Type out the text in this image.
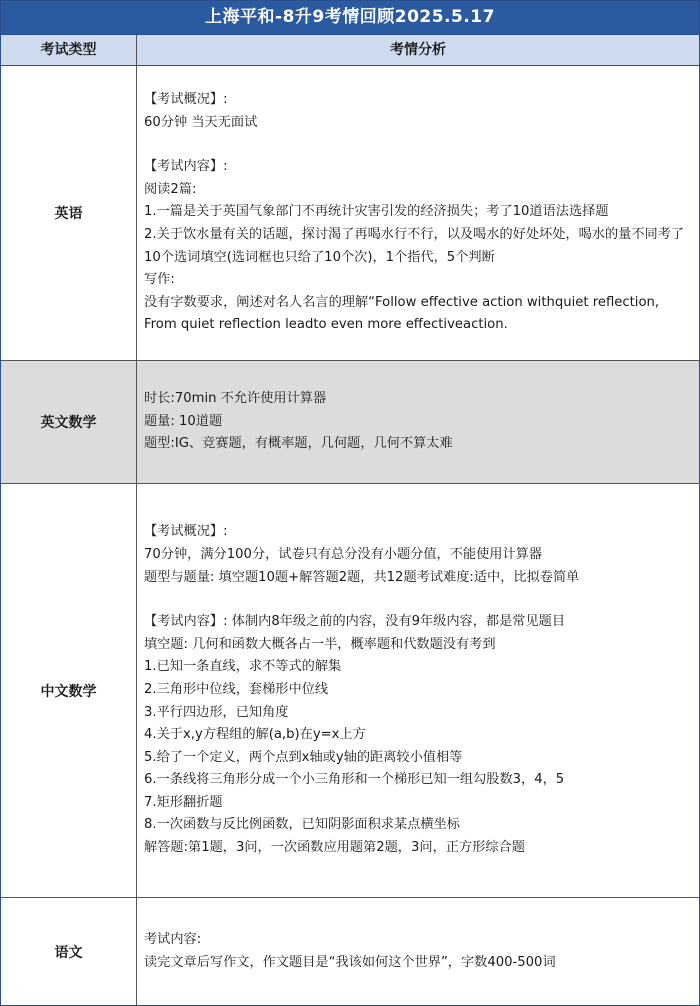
上海平和-8升9考情回顾2025.5.17
考试类型	考情分析
英语
【考试概况】:
60分钟 当天无面试
【考试内容】:
阅读2篇:
1.一篇是关于英国气象部门不再统计灾害引发的经济损失；考了10道语法选择题
2.关于饮水量有关的话题，探讨渴了再喝水行不行，以及喝水的好处坏处，喝水的量不同考了10个选词填空(选词框也只给了10个次)，1个指代，5个判断
写作:
没有字数要求，阐述对名人名言的理解“Follow effective action withquiet reflection, From quiet reflection leadto even more effectiveaction.
英文数学
时长:70min 不允许使用计算器
题量: 10道题
题型:IG、竞赛题，有概率题，几何题，几何不算太难
中文数学
【考试概况】:
70分钟，满分100分，试卷只有总分没有小题分值，不能使用计算器
题型与题量: 填空题10题+解答题2题，共12题考试难度:适中，比拟卷简单
【考试内容】: 体制内8年级之前的内容，没有9年级内容，都是常见题目
填空题: 几何和函数大概各占一半，概率题和代数题没有考到
1.已知一条直线，求不等式的解集
2.三角形中位线，套梯形中位线
3.平行四边形，已知角度
4.关于x,y方程组的解(a,b)在y=x上方
5.给了一个定义，两个点到x轴或y轴的距离较小值相等
6.一条线将三角形分成一个小三角形和一个梯形已知一组勾股数3，4，5
7.矩形翻折题
8.一次函数与反比例函数，已知阴影面积求某点横坐标
解答题:第1题，3问，一次函数应用题第2题，3问，正方形综合题
语文
考试内容:
读完文章后写作文，作文题目是“我该如何这个世界”，字数400-500词
